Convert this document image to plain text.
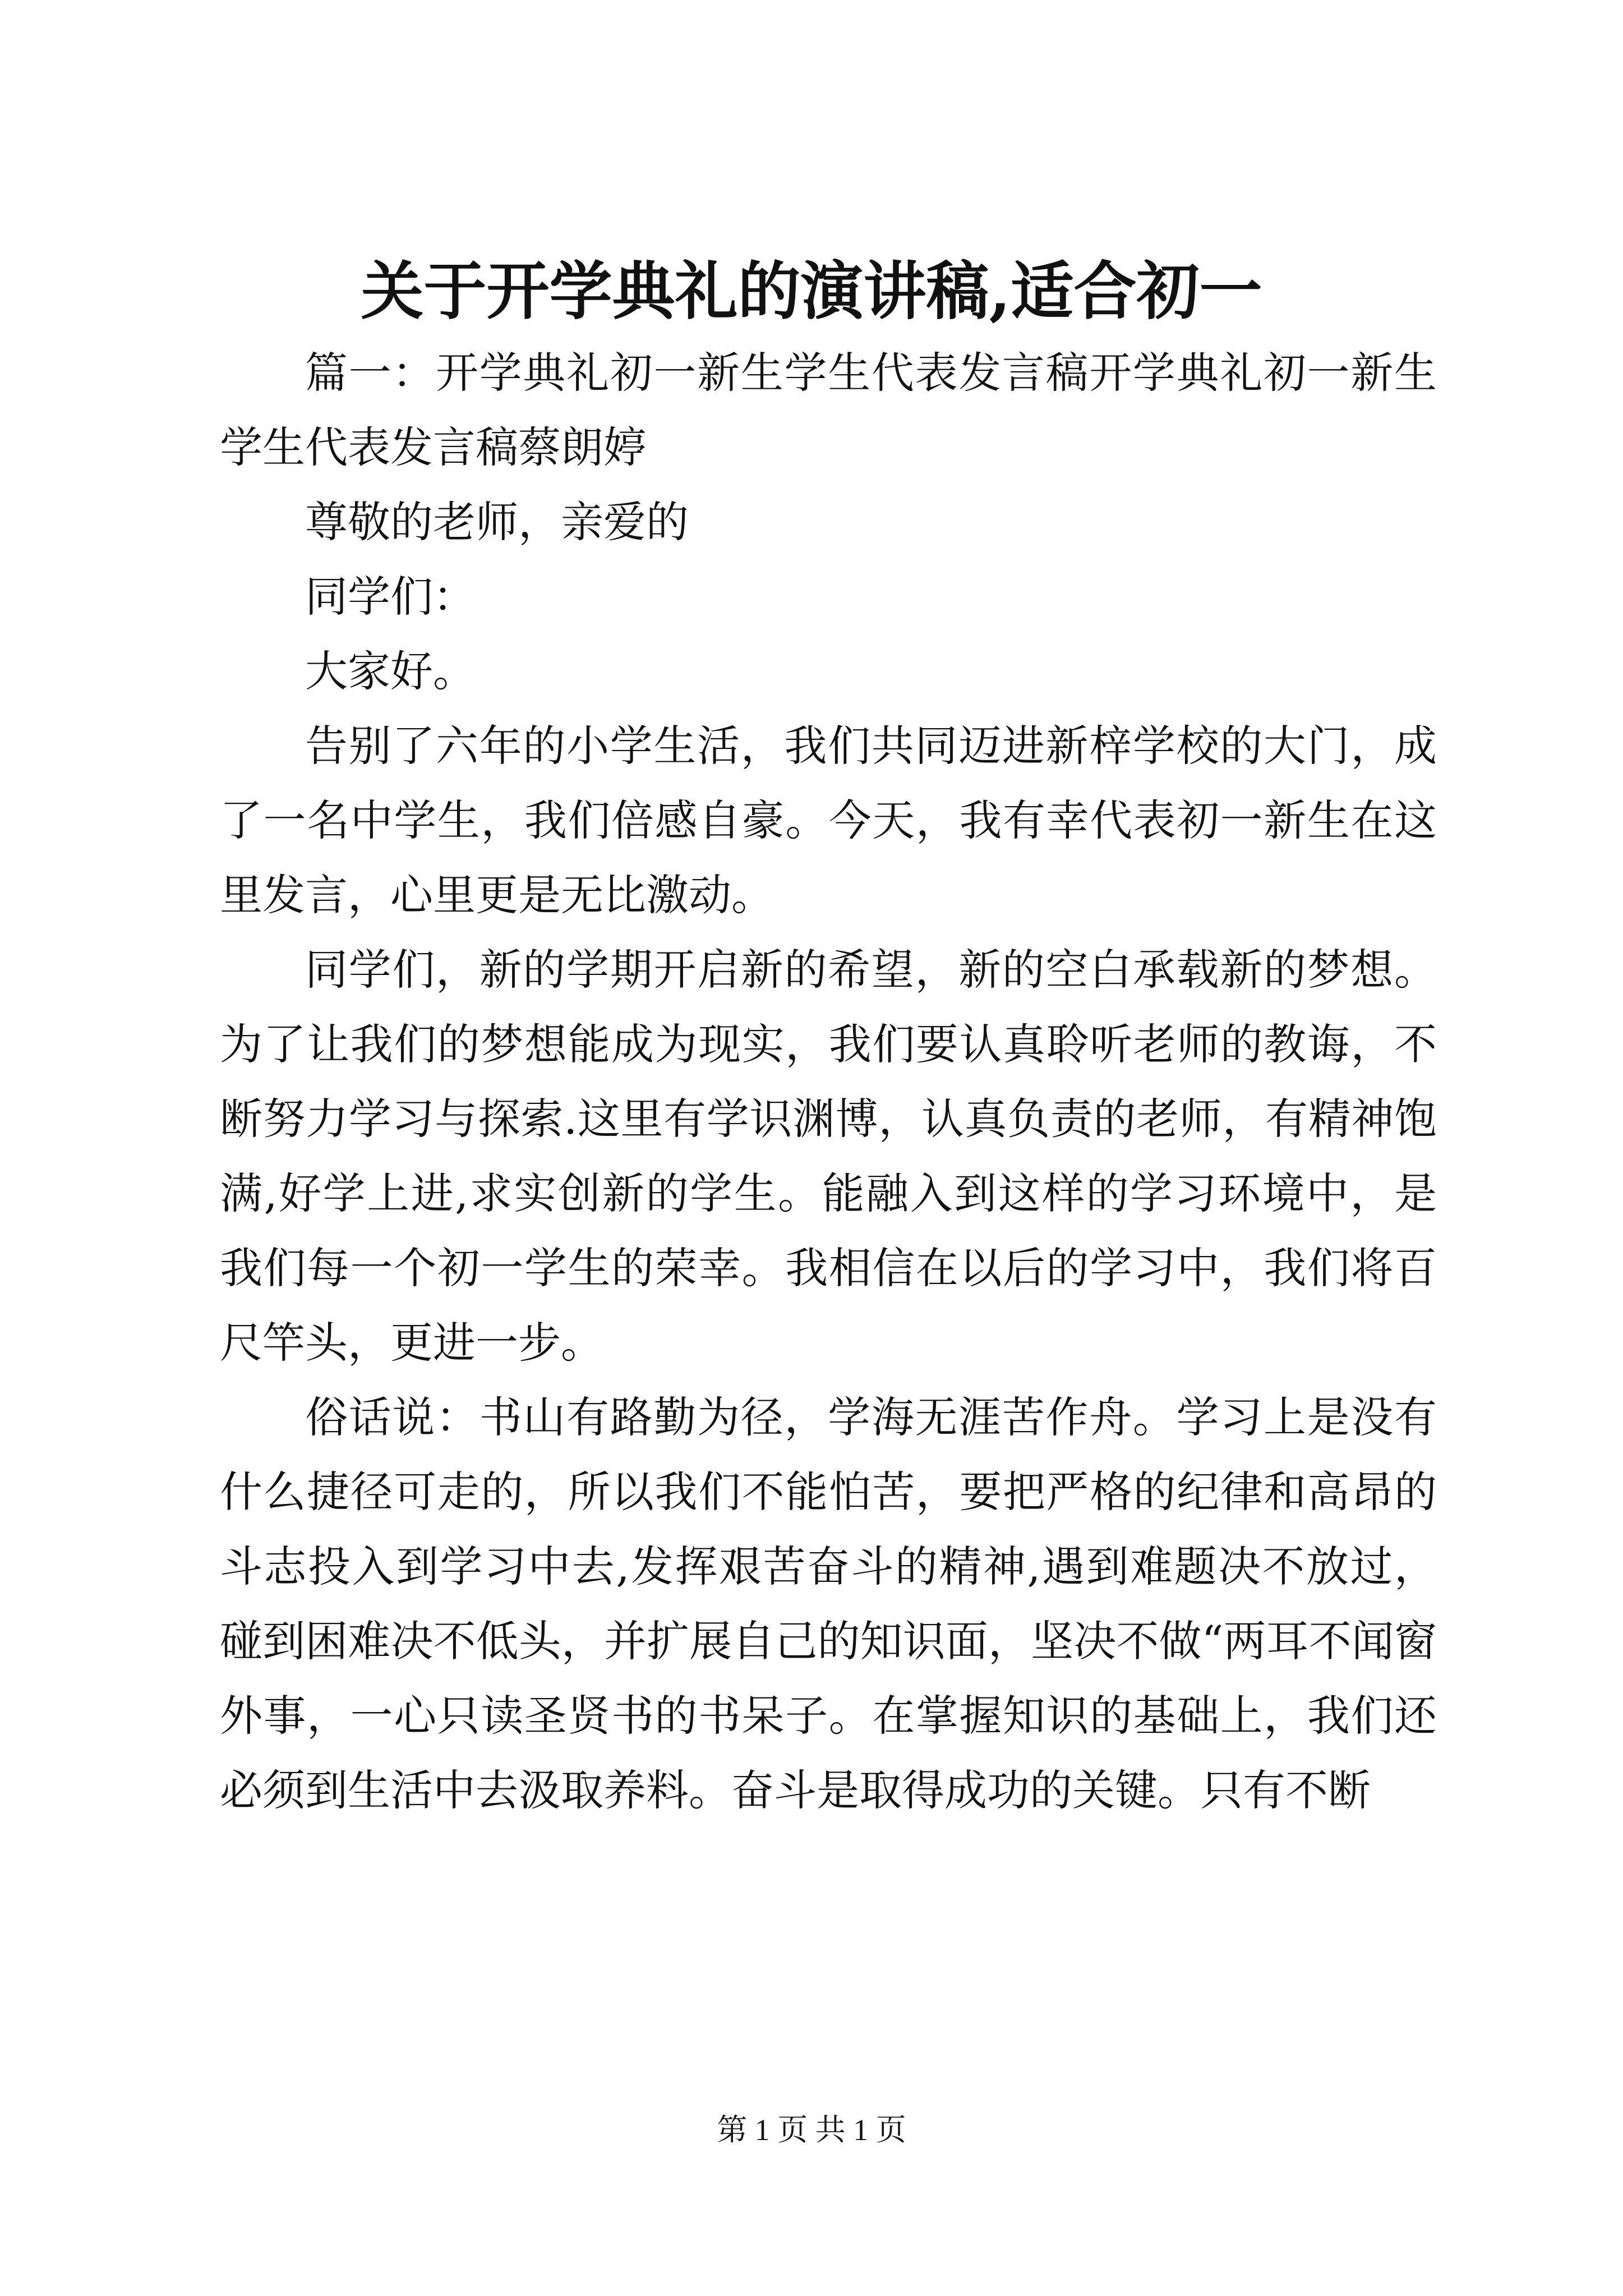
关于开学典礼的演讲稿,适合初一

篇一：开学典礼初一新生学生代表发言稿开学典礼初一新生学生代表发言稿蔡朗婷

尊敬的老师，亲爱的

同学们：

大家好。

告别了六年的小学生活，我们共同迈进新梓学校的大门，成了一名中学生，我们倍感自豪。今天，我有幸代表初一新生在这里发言，心里更是无比激动。

同学们，新的学期开启新的希望，新的空白承载新的梦想。为了让我们的梦想能成为现实，我们要认真聆听老师的教诲，不断努力学习与探索.这里有学识渊博，认真负责的老师，有精神饱满,好学上进,求实创新的学生。能融入到这样的学习环境中，是我们每一个初一学生的荣幸。我相信在以后的学习中，我们将百尺竿头，更进一步。

俗话说：书山有路勤为径，学海无涯苦作舟。学习上是没有什么捷径可走的，所以我们不能怕苦，要把严格的纪律和高昂的斗志投入到学习中去,发挥艰苦奋斗的精神,遇到难题决不放过，碰到困难决不低头，并扩展自己的知识面，坚决不做“两耳不闻窗外事，一心只读圣贤书的书呆子。在掌握知识的基础上，我们还必须到生活中去汲取养料。奋斗是取得成功的关键。只有不断

第 1 页 共 1 页
